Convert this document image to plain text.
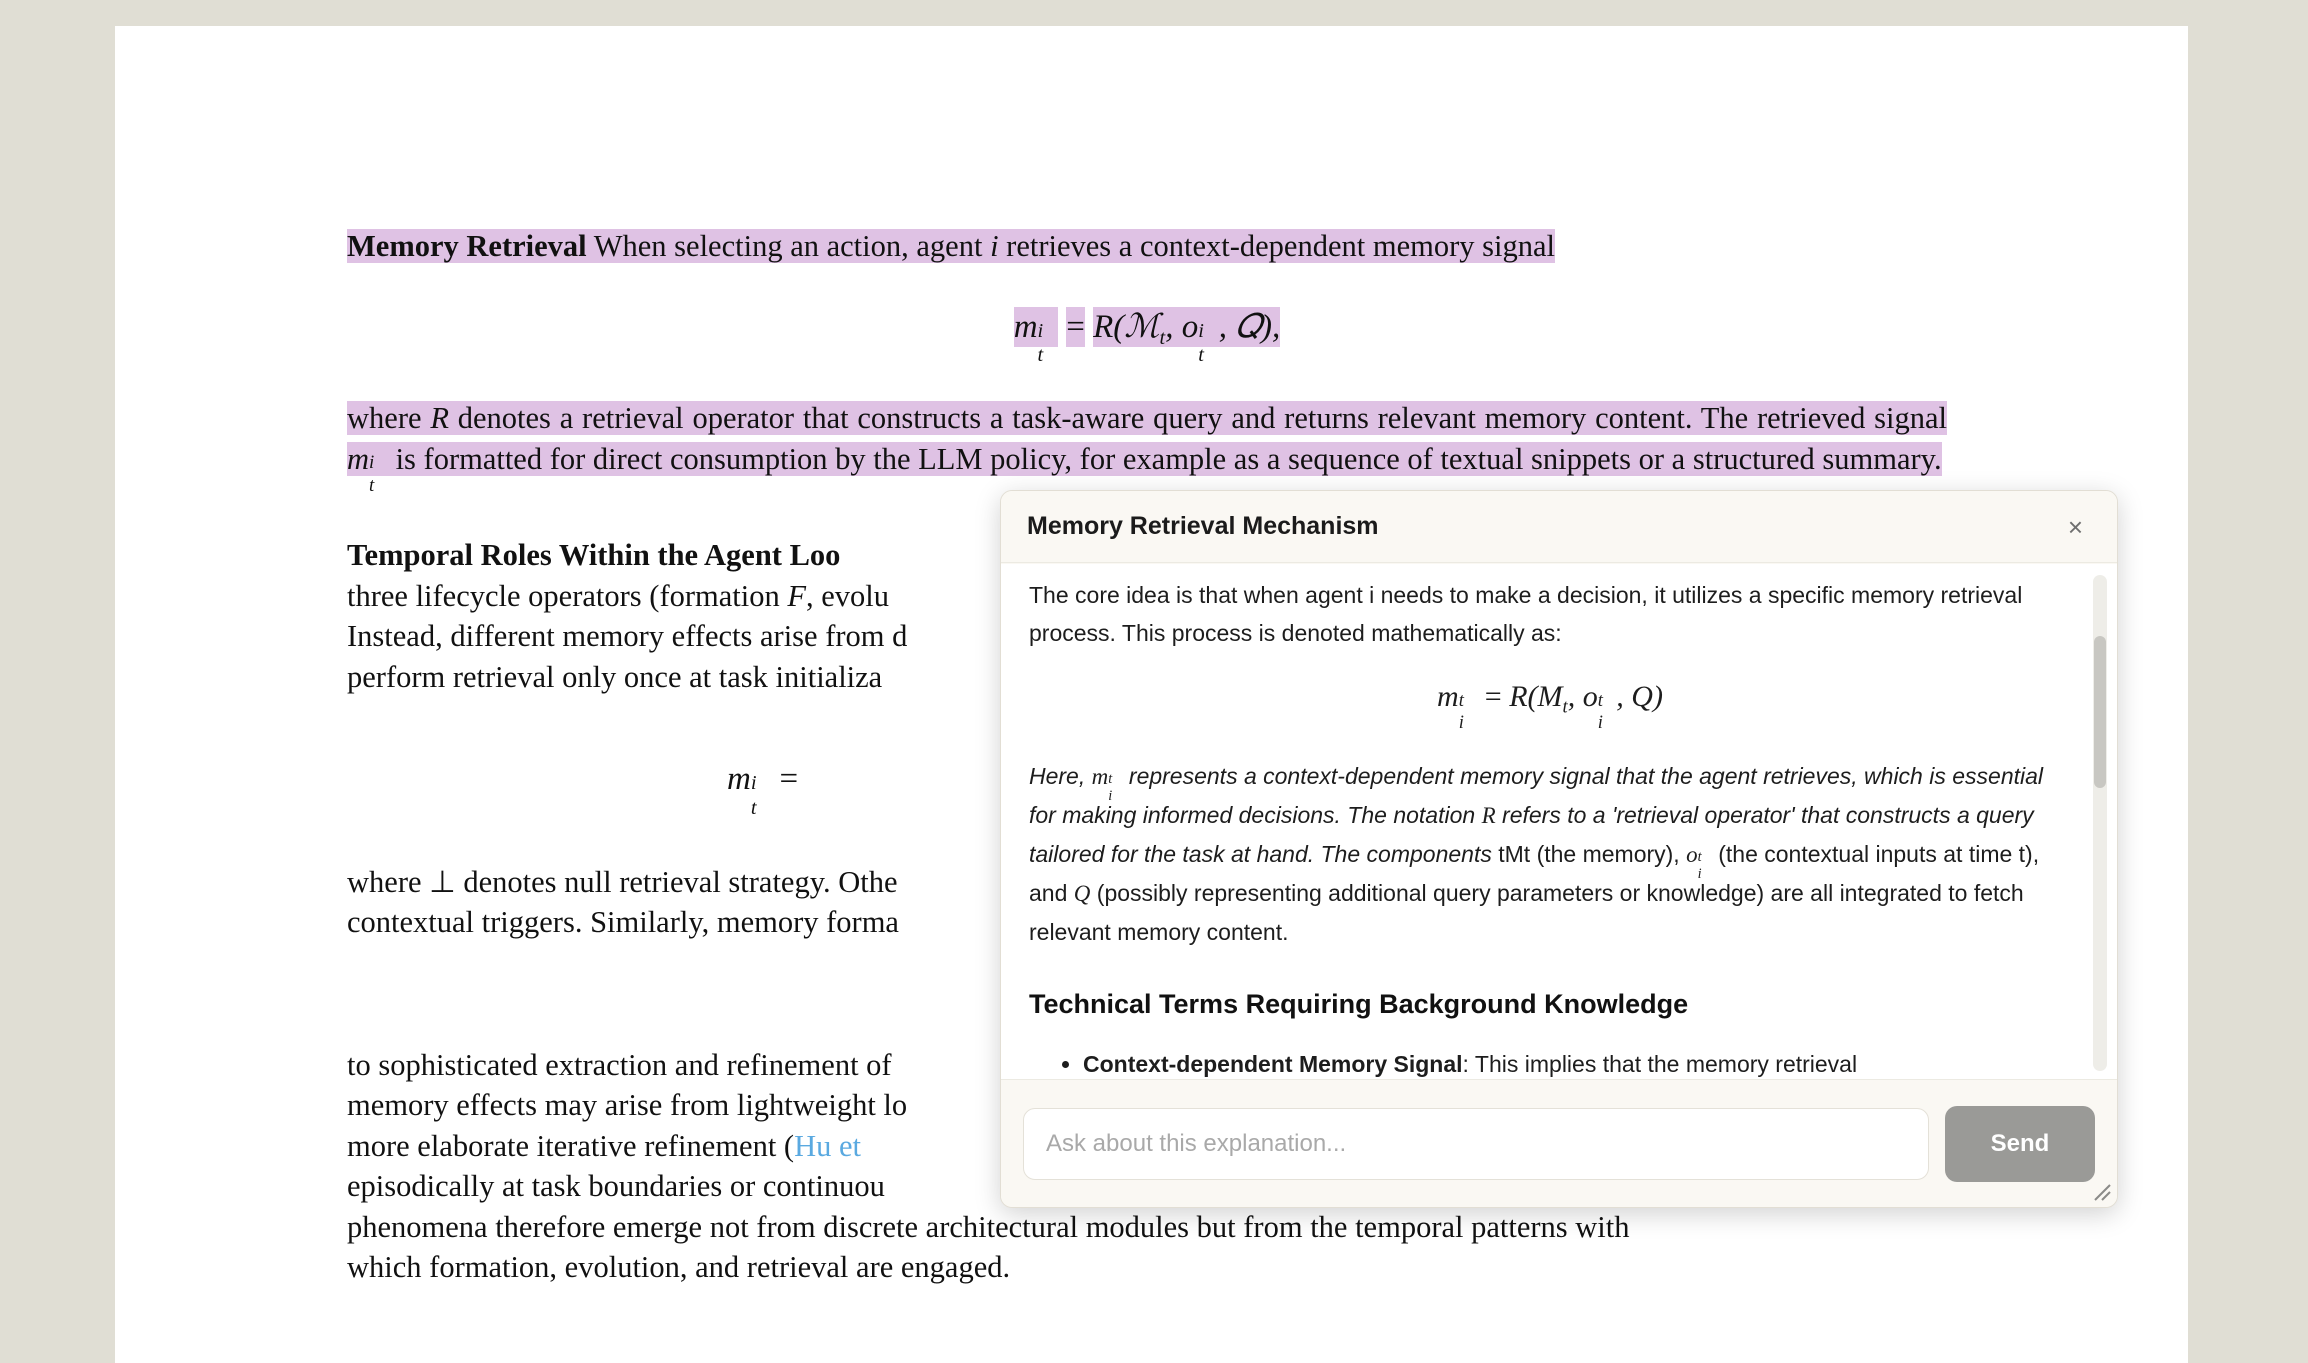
Memory Retrieval When selecting an action, agent i retrieves a context-dependent memory signal
m i
t
= R(ℳ$_t$, o i
t
, 𝑄),
where R denotes a retrieval operator that constructs a task-aware query and returns relevant memory content. The retrieved signal m i
t
is formatted for direct consumption by the LLM policy, for example as a sequence of textual snippets or a structured summary.
Temporal Roles Within the Agent Loo
three lifecycle operators (formation F, evolu
Instead, different memory effects arise from d
perform retrieval only once at task initializa
m i
t
=
where ⊥ denotes null retrieval strategy. Othe
contextual triggers. Similarly, memory forma
to sophisticated extraction and refinement of
memory effects may arise from lightweight lo
more elaborate iterative refinement (Hu et
episodically at task boundaries or continuou
phenomena therefore emerge not from discrete architectural modules but from the temporal patterns with
which formation, evolution, and retrieval are engaged.
Memory Retrieval Mechanism	×

The core idea is that when agent i needs to make a decision, it utilizes a specific memory retrieval process. This process is denoted mathematically as:

m t
i
= $R(M_t$, o t
i
, Q)

Here, m t
i
represents a context-dependent memory signal that the agent retrieves, which is essential for making informed decisions. The notation R refers to a 'retrieval operator' that constructs a query tailored for the task at hand. The components tMt (the memory), o t
i
(the contextual inputs at time t), and Q (possibly representing additional query parameters or knowledge) are all integrated to fetch relevant memory content.

Technical Terms Requiring Background Knowledge
• Context-dependent Memory Signal: This implies that the memory retrieval
Ask about this explanation...
Send
